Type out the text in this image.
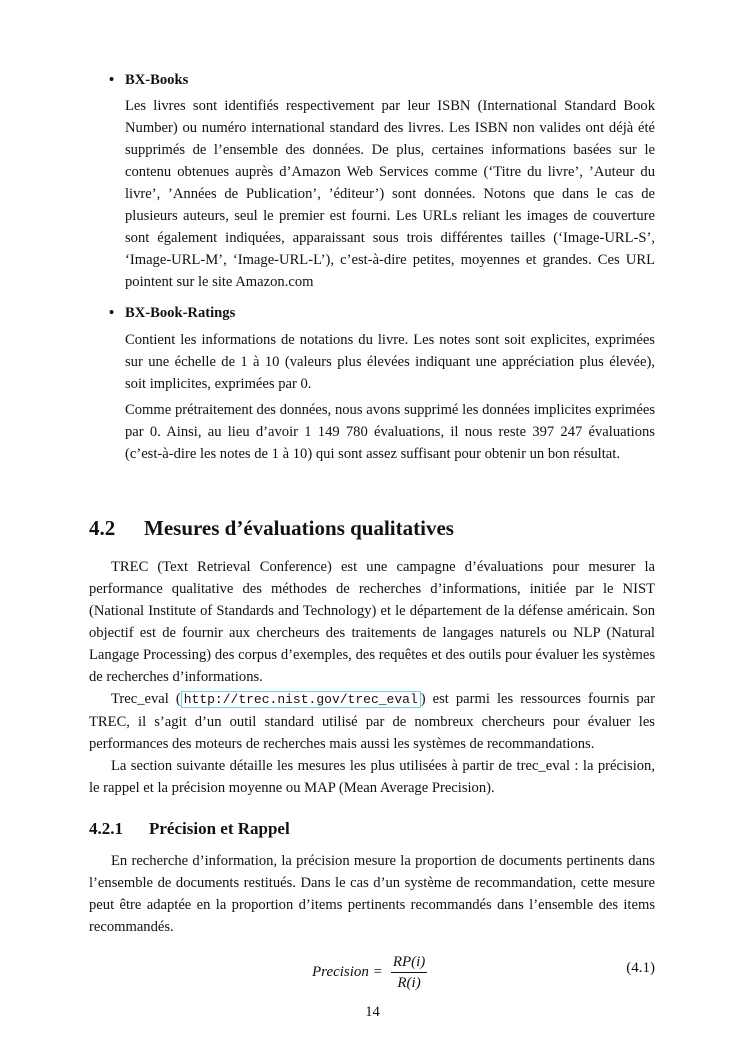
• BX-Books

Les livres sont identifiés respectivement par leur ISBN (International Standard Book Number) ou numéro international standard des livres. Les ISBN non valides ont déjà été supprimés de l’ensemble des données. De plus, certaines informations basées sur le contenu obtenues auprès d’Amazon Web Services comme (‘Titre du livre’, ’Auteur du livre’, ’Années de Publication’, ’éditeur’) sont données. Notons que dans le cas de plusieurs auteurs, seul le premier est fourni. Les URLs reliant les images de couverture sont également indiquées, apparaissant sous trois différentes tailles (‘Image-URL-S’, ‘Image-URL-M’, ‘Image-URL-L’), c’est-à-dire petites, moyennes et grandes. Ces URL pointent sur le site Amazon.com

• BX-Book-Ratings

Contient les informations de notations du livre. Les notes sont soit explicites, exprimées sur une échelle de 1 à 10 (valeurs plus élevées indiquant une appréciation plus élevée), soit implicites, exprimées par 0.

Comme prétraitement des données, nous avons supprimé les données implicites exprimées par 0. Ainsi, au lieu d’avoir 1 149 780 évaluations, il nous reste 397 247 évaluations (c’est-à-dire les notes de 1 à 10) qui sont assez suffisant pour obtenir un bon résultat.

4.2 Mesures d’évaluations qualitatives

TREC (Text Retrieval Conference) est une campagne d’évaluations pour mesurer la performance qualitative des méthodes de recherches d’informations, initiée par le NIST (National Institute of Standards and Technology) et le département de la défense américain. Son objectif est de fournir aux chercheurs des traitements de langages naturels ou NLP (Natural Langage Processing) des corpus d’exemples, des requêtes et des outils pour évaluer les systèmes de recherches d’informations.

Trec_eval ( http://trec.nist.gov/trec_eval ) est parmi les ressources fournis par TREC, il s’agit d’un outil standard utilisé par de nombreux chercheurs pour évaluer les performances des moteurs de recherches mais aussi les systèmes de recommandations.

La section suivante détaille les mesures les plus utilisées à partir de trec_eval : la précision, le rappel et la précision moyenne ou MAP (Mean Average Precision).

4.2.1 Précision et Rappel

En recherche d’information, la précision mesure la proportion de documents pertinents dans l’ensemble de documents restitués. Dans le cas d’un système de recommandation, cette mesure peut être adaptée en la proportion d’items pertinents recommandés dans l’ensemble des items recommandés.

Precision = $\frac{RP(i)}{R(i)}$	(4.1)
14
